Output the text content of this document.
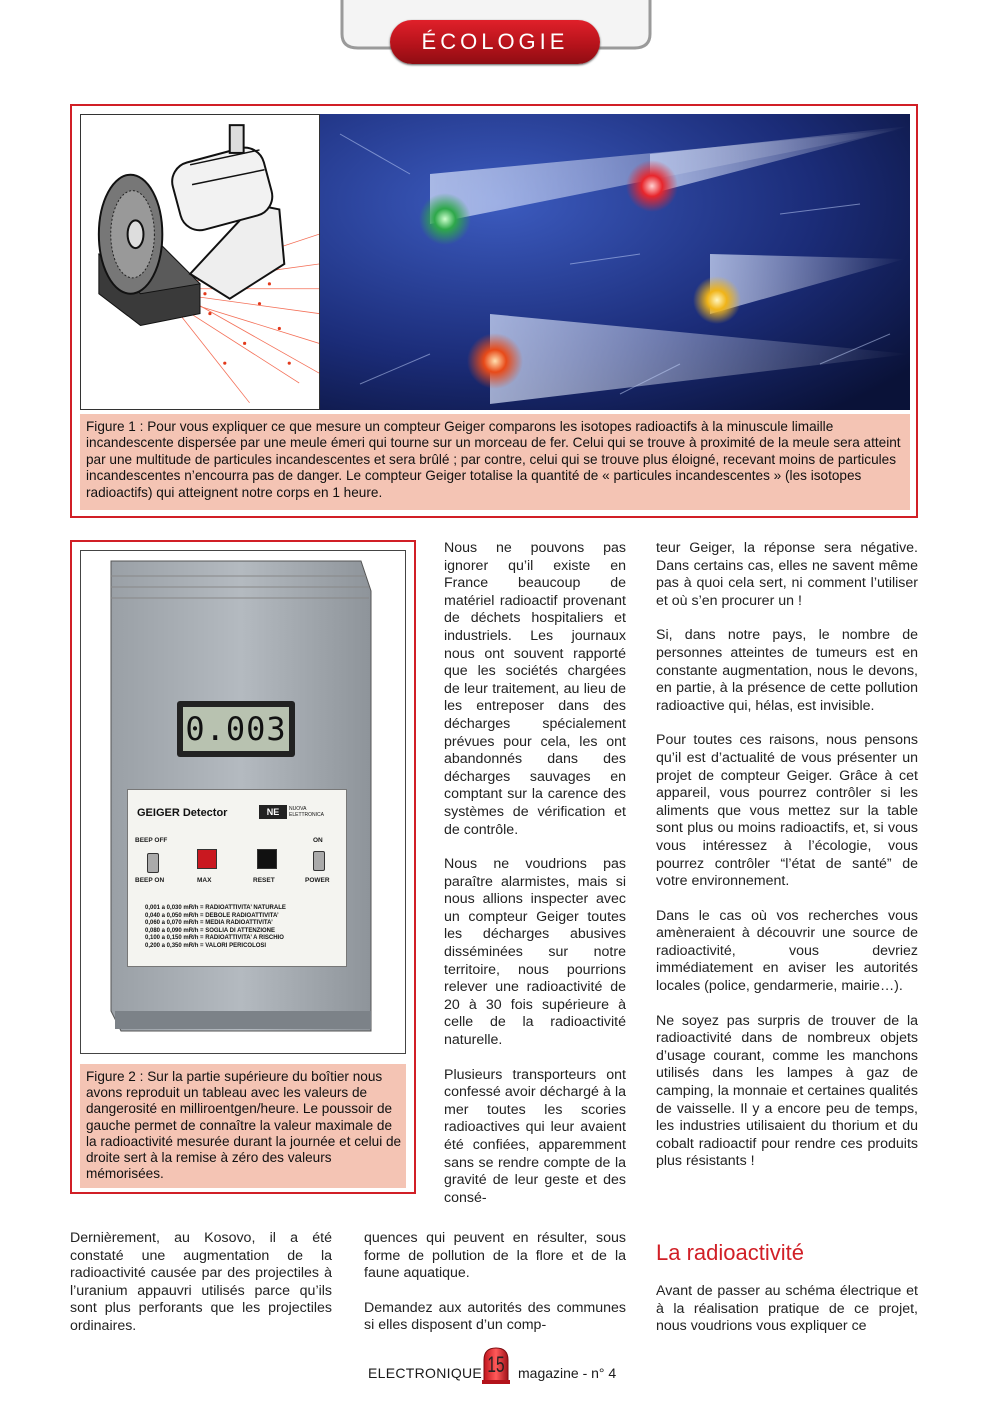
ÉCOLOGIE
Figure 1 : Pour vous expliquer ce que mesure un compteur Geiger comparons les isotopes radioactifs à la minuscule limaille incandescente dispersée par une meule émeri qui tourne sur un morceau de fer. Celui qui se trouve à proximité de la meule sera atteint par une multitude de particules incandescentes et sera brûlé ; par contre, celui qui se trouve plus éloigné, recevant moins de particules incandescentes n’encourra pas de danger. Le compteur Geiger totalise la quantité de « particules incandescentes » (les isotopes radioactifs) qui atteignent notre corps en 1 heure.
0.003
GEIGER Detector	NE	NUOVA ELETTRONICA
BEEP OFF	ON
BEEP ON	MAX	RESET	POWER
0,001 a 0,030 mR/h = RADIOATTIVITA’ NATURALE
0,040 a 0,050 mR/h = DEBOLE RADIOATTIVITA’
0,060 a 0,070 mR/h = MEDIA RADIOATTIVITA’
0,080 a 0,090 mR/h = SOGLIA DI ATTENZIONE
0,100 a 0,150 mR/h = RADIOATTIVITA’ A RISCHIO
0,200 a 0,350 mR/h = VALORI PERICOLOSI
Figure 2 : Sur la partie supérieure du boîtier nous avons reproduit un tableau avec les valeurs de dangerosité en milliroentgen/heure. Le poussoir de gauche permet de connaître la valeur maximale de la radioactivité mesurée durant la journée et celui de droite sert à la remise à zéro des valeurs mémorisées.

Nous ne pouvons pas ignorer qu’il existe en France beaucoup de matériel radioactif provenant de déchets hospitaliers et industriels. Les journaux nous ont souvent rapporté que les sociétés chargées de leur traitement, au lieu de les entreposer dans des décharges spécialement prévues pour cela, les ont abandonnés dans des décharges sauvages en comptant sur la carence des systèmes de vérification et de contrôle.

Nous ne voudrions pas paraître alarmistes, mais si nous allions inspecter avec un compteur Geiger toutes les décharges abusives disséminées sur notre territoire, nous pourrions relever une radioactivité de 20 à 30 fois supérieure à celle de la radioactivité naturelle.

Plusieurs transporteurs ont confessé avoir déchargé à la mer toutes les scories radioactives qui leur avaient été confiées, apparemment sans se rendre compte de la gravité de leur geste et des consé-

quences qui peuvent en résulter, sous forme de pollution de la flore et de la faune aquatique.

Demandez aux autorités des communes si elles disposent d’un comp-

Dernièrement, au Kosovo, il a été constaté une augmentation de la radioactivité causée par des projectiles à l’uranium appauvri utilisés parce qu’ils sont plus perforants que les projectiles ordinaires.

teur Geiger, la réponse sera négative. Dans certains cas, elles ne savent même pas à quoi cela sert, ni comment l’utiliser et où s’en procurer un !

Si, dans notre pays, le nombre de personnes atteintes de tumeurs est en constante augmentation, nous le devons, en partie, à la présence de cette pollution radioactive qui, hélas, est invisible.

Pour toutes ces raisons, nous pensons qu’il est d’actualité de vous présenter un projet de compteur Geiger. Grâce à cet appareil, vous pourrez contrôler si les aliments que vous mettez sur la table sont plus ou moins radioactifs, et, si vous vous intéressez à l’écologie, vous pourrez contrôler “l’état de santé” de votre environnement.

Dans le cas où vos recherches vous amèneraient à découvrir une source de radioactivité, vous devriez immédiatement en aviser les autorités locales (police, gendarmerie, mairie…).

Ne soyez pas surpris de trouver de la radioactivité dans de nombreux objets d’usage courant, comme les manchons utilisés dans les lampes à gaz de camping, la monnaie et certaines qualités de vaisselle. Il y a encore peu de temps, les industries utilisaient du thorium et du cobalt radioactif pour rendre ces produits plus résistants !

La radioactivité

Avant de passer au schéma électrique et à la réalisation pratique de ce projet, nous voudrions vous expliquer ce

ELECTRONIQUE 15 magazine - n° 4
